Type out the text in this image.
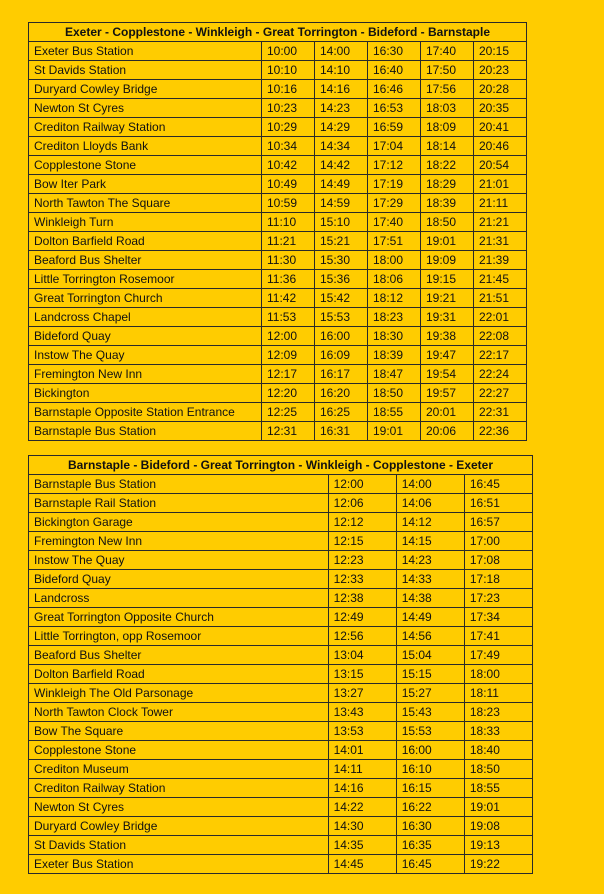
Exeter - Copplestone - Winkleigh - Great Torrington - Bideford - Barnstaple					
Exeter Bus Station	10:00	14:00	16:30	17:40	20:15
St Davids Station	10:10	14:10	16:40	17:50	20:23
Duryard Cowley Bridge	10:16	14:16	16:46	17:56	20:28
Newton St Cyres	10:23	14:23	16:53	18:03	20:35
Crediton Railway Station	10:29	14:29	16:59	18:09	20:41
Crediton Lloyds Bank	10:34	14:34	17:04	18:14	20:46
Copplestone Stone	10:42	14:42	17:12	18:22	20:54
Bow Iter Park	10:49	14:49	17:19	18:29	21:01
North Tawton The Square	10:59	14:59	17:29	18:39	21:11
Winkleigh Turn	11:10	15:10	17:40	18:50	21:21
Dolton Barfield Road	11:21	15:21	17:51	19:01	21:31
Beaford Bus Shelter	11:30	15:30	18:00	19:09	21:39
Little Torrington Rosemoor	11:36	15:36	18:06	19:15	21:45
Great Torrington Church	11:42	15:42	18:12	19:21	21:51
Landcross Chapel	11:53	15:53	18:23	19:31	22:01
Bideford Quay	12:00	16:00	18:30	19:38	22:08
Instow The Quay	12:09	16:09	18:39	19:47	22:17
Fremington New Inn	12:17	16:17	18:47	19:54	22:24
Bickington	12:20	16:20	18:50	19:57	22:27
Barnstaple Opposite Station Entrance	12:25	16:25	18:55	20:01	22:31
Barnstaple Bus Station	12:31	16:31	19:01	20:06	22:36
Barnstaple - Bideford - Great Torrington - Winkleigh - Copplestone - Exeter			
Barnstaple Bus Station	12:00	14:00	16:45
Barnstaple Rail Station	12:06	14:06	16:51
Bickington Garage	12:12	14:12	16:57
Fremington New Inn	12:15	14:15	17:00
Instow The Quay	12:23	14:23	17:08
Bideford Quay	12:33	14:33	17:18
Landcross	12:38	14:38	17:23
Great Torrington Opposite Church	12:49	14:49	17:34
Little Torrington, opp Rosemoor	12:56	14:56	17:41
Beaford Bus Shelter	13:04	15:04	17:49
Dolton Barfield Road	13:15	15:15	18:00
Winkleigh The Old Parsonage	13:27	15:27	18:11
North Tawton Clock Tower	13:43	15:43	18:23
Bow The Square	13:53	15:53	18:33
Copplestone Stone	14:01	16:00	18:40
Crediton Museum	14:11	16:10	18:50
Crediton Railway Station	14:16	16:15	18:55
Newton St Cyres	14:22	16:22	19:01
Duryard Cowley Bridge	14:30	16:30	19:08
St Davids Station	14:35	16:35	19:13
Exeter Bus Station	14:45	16:45	19:22
